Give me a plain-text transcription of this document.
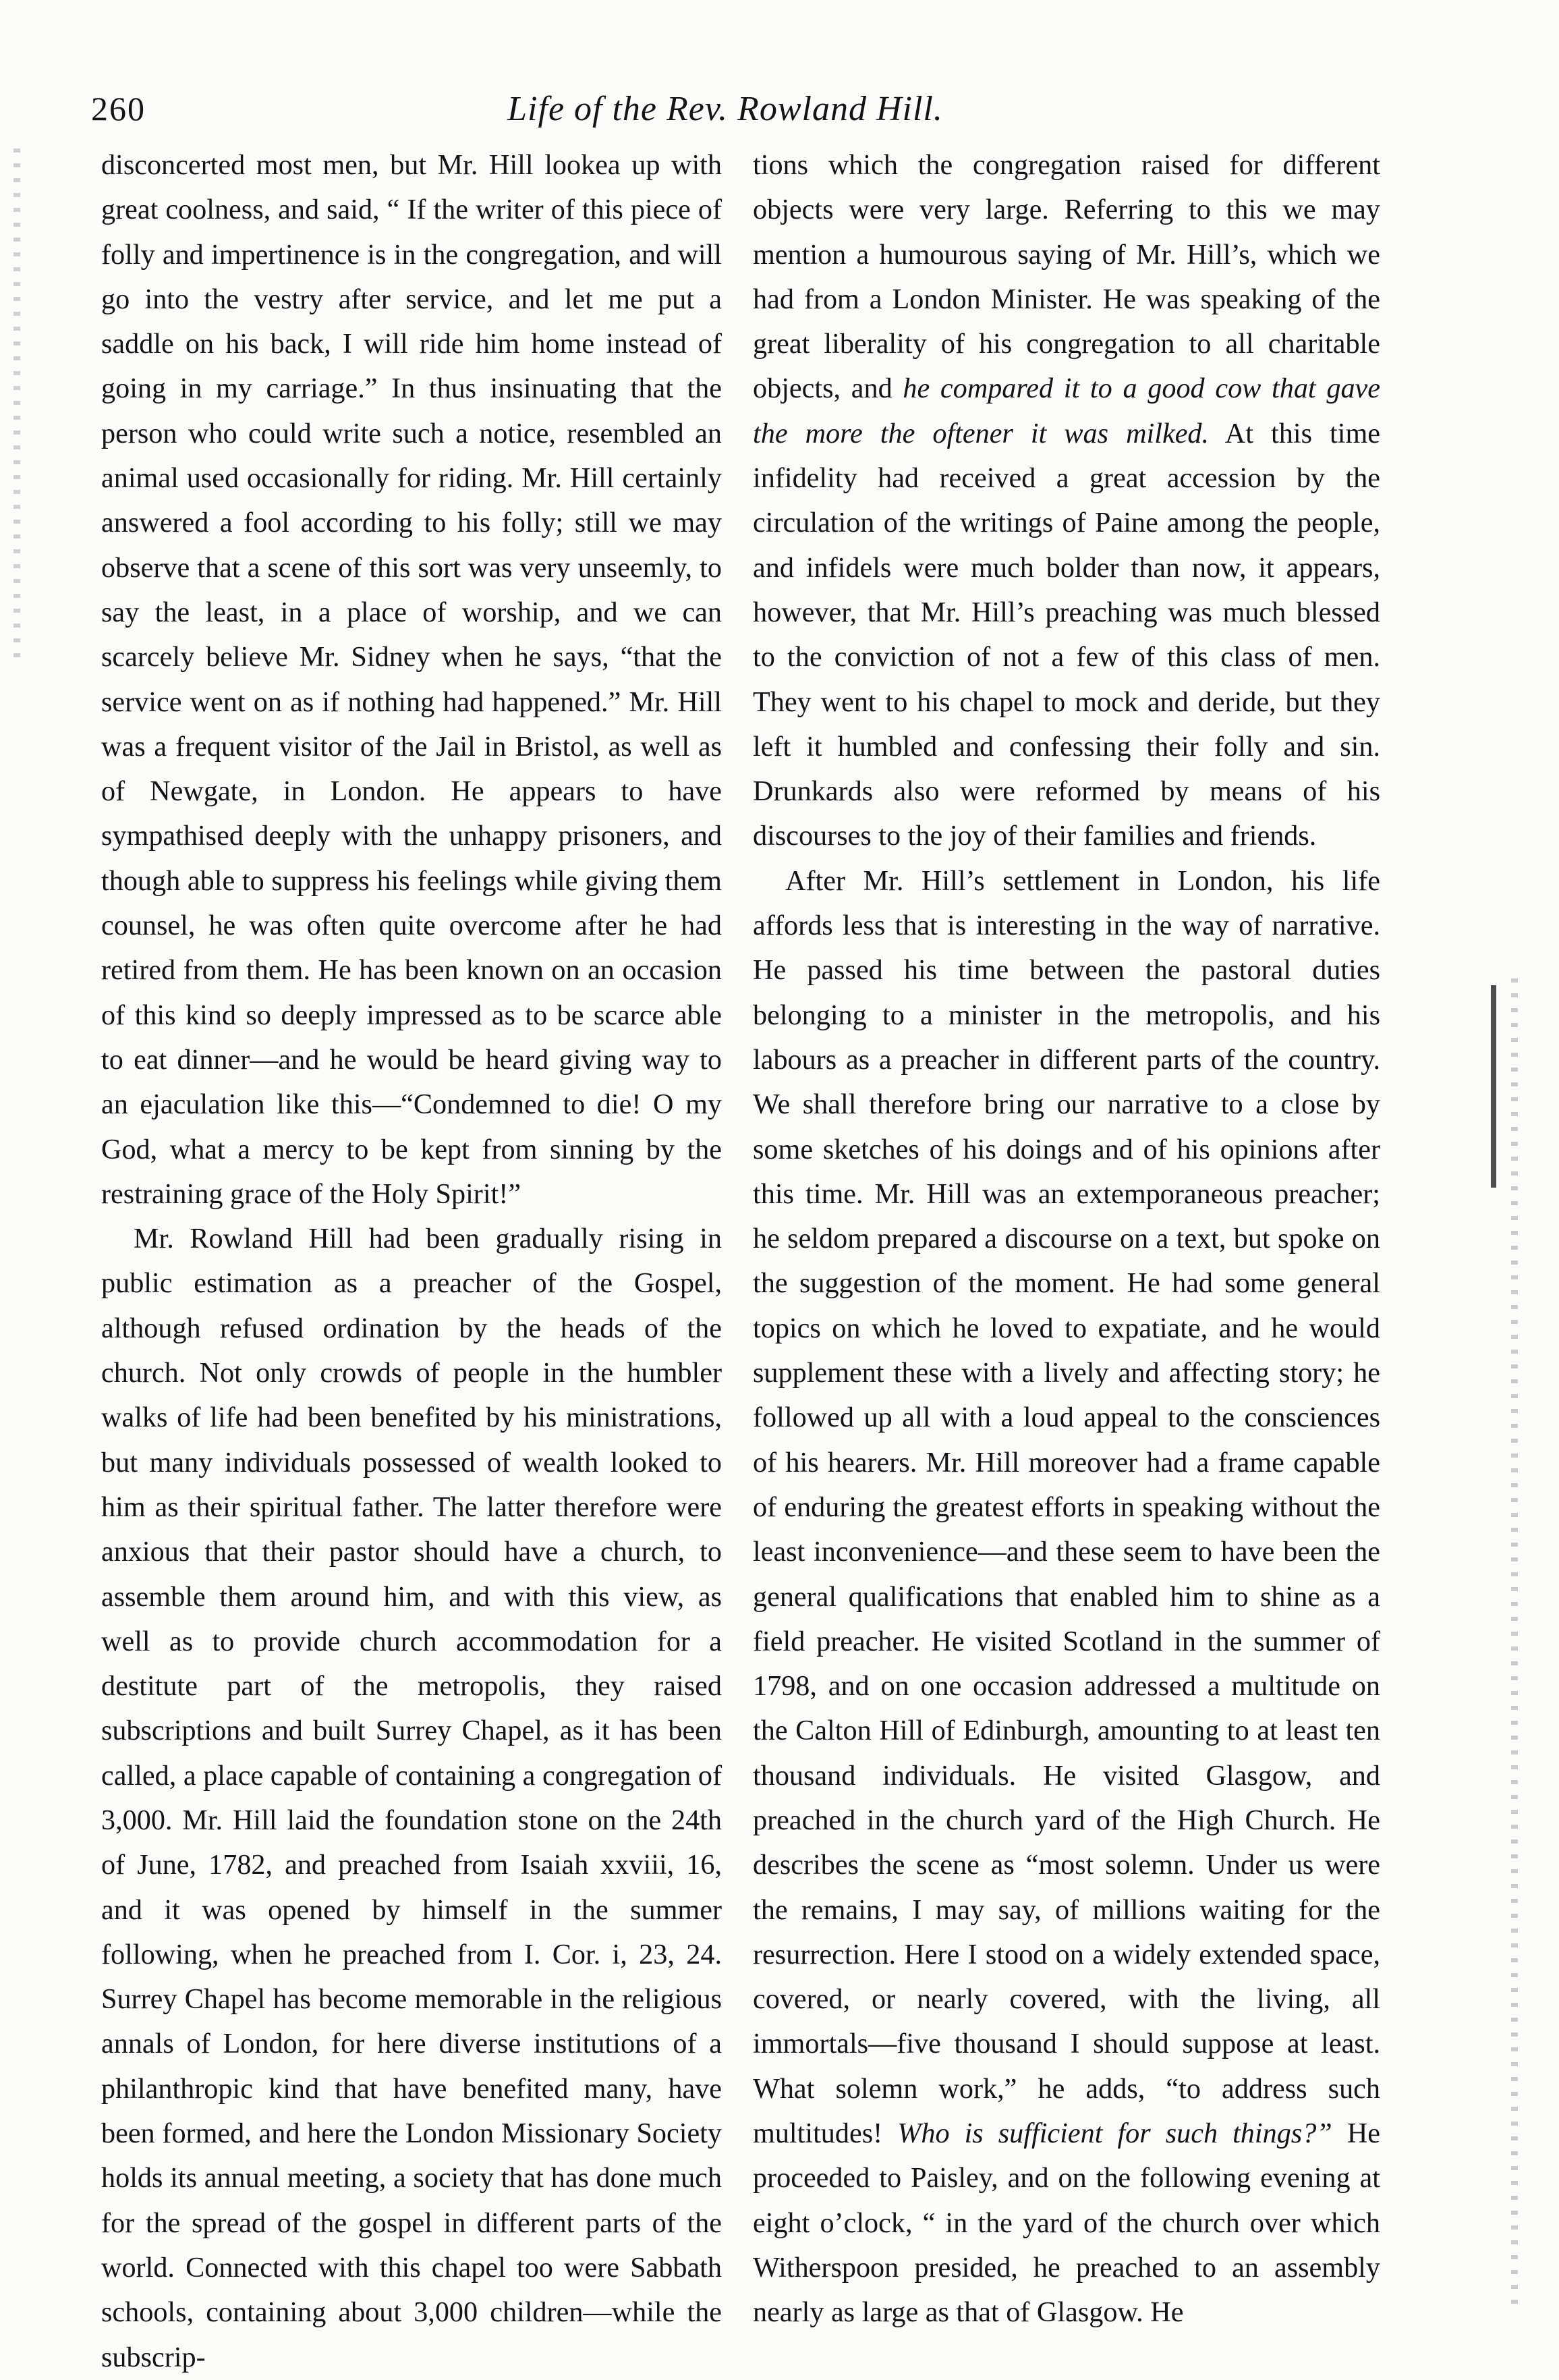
260	Life of the Rev. Rowland Hill.

disconcerted most men, but Mr. Hill lookea up with great coolness, and said, “ If the writer of this piece of folly and impertinence is in the congregation, and will go into the vestry after service, and let me put a saddle on his back, I will ride him home instead of going in my carriage.” In thus insinuating that the person who could write such a notice, resembled an animal used occasionally for riding. Mr. Hill certainly answered a fool according to his folly; still we may observe that a scene of this sort was very unseemly, to say the least, in a place of worship, and we can scarcely believe Mr. Sidney when he says, “that the service went on as if nothing had happened.” Mr. Hill was a frequent visitor of the Jail in Bristol, as well as of Newgate, in London. He appears to have sympathised deeply with the unhappy prisoners, and though able to suppress his feelings while giving them counsel, he was often quite overcome after he had retired from them. He has been known on an occasion of this kind so deeply impressed as to be scarce able to eat dinner—and he would be heard giving way to an ejaculation like this—“Condemned to die! O my God, what a mercy to be kept from sinning by the restraining grace of the Holy Spirit!”

Mr. Rowland Hill had been gradually rising in public estimation as a preacher of the Gospel, although refused ordination by the heads of the church. Not only crowds of people in the humbler walks of life had been benefited by his ministrations, but many individuals possessed of wealth looked to him as their spiritual father. The latter therefore were anxious that their pastor should have a church, to assemble them around him, and with this view, as well as to provide church accommodation for a destitute part of the metropolis, they raised subscriptions and built Surrey Chapel, as it has been called, a place capable of containing a congregation of 3,000. Mr. Hill laid the foundation stone on the 24th of June, 1782, and preached from Isaiah xxviii, 16, and it was opened by himself in the summer following, when he preached from I. Cor. i, 23, 24. Surrey Chapel has become memorable in the religious annals of London, for here diverse institutions of a philanthropic kind that have benefited many, have been formed, and here the London Missionary Society holds its annual meeting, a society that has done much for the spread of the gospel in different parts of the world. Connected with this chapel too were Sabbath schools, containing about 3,000 children—while the subscrip-

tions which the congregation raised for different objects were very large. Referring to this we may mention a humourous saying of Mr. Hill’s, which we had from a London Minister. He was speaking of the great liberality of his congregation to all charitable objects, and he compared it to a good cow that gave the more the oftener it was milked. At this time infidelity had received a great accession by the circulation of the writings of Paine among the people, and infidels were much bolder than now, it appears, however, that Mr. Hill’s preaching was much blessed to the conviction of not a few of this class of men. They went to his chapel to mock and deride, but they left it humbled and confessing their folly and sin. Drunkards also were reformed by means of his discourses to the joy of their families and friends.

After Mr. Hill’s settlement in London, his life affords less that is interesting in the way of narrative. He passed his time between the pastoral duties belonging to a minister in the metropolis, and his labours as a preacher in different parts of the country. We shall therefore bring our narrative to a close by some sketches of his doings and of his opinions after this time. Mr. Hill was an extemporaneous preacher; he seldom prepared a discourse on a text, but spoke on the suggestion of the moment. He had some general topics on which he loved to expatiate, and he would supplement these with a lively and affecting story; he followed up all with a loud appeal to the consciences of his hearers. Mr. Hill moreover had a frame capable of enduring the greatest efforts in speaking without the least inconvenience—and these seem to have been the general qualifications that enabled him to shine as a field preacher. He visited Scotland in the summer of 1798, and on one occasion addressed a multitude on the Calton Hill of Edinburgh, amounting to at least ten thousand individuals. He visited Glasgow, and preached in the church yard of the High Church. He describes the scene as “most solemn. Under us were the remains, I may say, of millions waiting for the resurrection. Here I stood on a widely extended space, covered, or nearly covered, with the living, all immortals—five thousand I should suppose at least. What solemn work,” he adds, “to address such multitudes! Who is sufficient for such things?” He proceeded to Paisley, and on the following evening at eight o’clock, “ in the yard of the church over which Witherspoon presided, he preached to an assembly nearly as large as that of Glasgow. He
